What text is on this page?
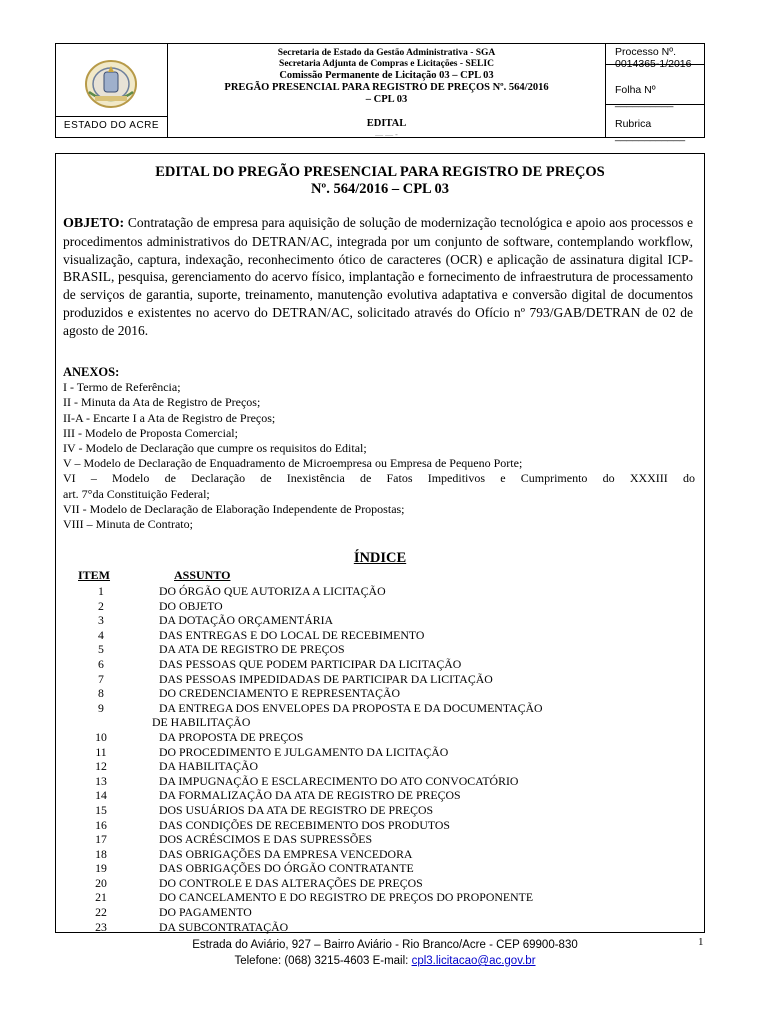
ESTADO DO ACRE
Secretaria de Estado da Gestão Administrativa - SGA
Secretaria Adjunta de Compras e Licitações - SELIC
Comissão Permanente de Licitação 03 – CPL 03
PREGÃO PRESENCIAL PARA REGISTRO DE PREÇOS Nº. 564/2016
– CPL 03
EDITAL
— — -
Processo Nº. 0014365-1/2016
Folha Nº __________
Rubrica ____________
EDITAL DO PREGÃO PRESENCIAL PARA REGISTRO DE PREÇOS
Nº. 564/2016 – CPL 03
OBJETO: Contratação de empresa para aquisição de solução de modernização tecnológica e apoio aos processos e procedimentos administrativos do DETRAN/AC, integrada por um conjunto de software, contemplando workflow, visualização, captura, indexação, reconhecimento ótico de caracteres (OCR) e aplicação de assinatura digital ICP-BRASIL, pesquisa, gerenciamento do acervo físico, implantação e fornecimento de infraestrutura de processamento de serviços de garantia, suporte, treinamento, manutenção evolutiva adaptativa e conversão digital de documentos produzidos e existentes no acervo do DETRAN/AC, solicitado através do Ofício nº 793/GAB/DETRAN de 02 de agosto de 2016.
ANEXOS:
I - Termo de Referência;
II - Minuta da Ata de Registro de Preços;
II-A - Encarte I a Ata de Registro de Preços;
III - Modelo de Proposta Comercial;
IV - Modelo de Declaração que cumpre os requisitos do Edital;
V – Modelo de Declaração de Enquadramento de Microempresa ou Empresa de Pequeno Porte;
VI – Modelo de Declaração de Inexistência de Fatos Impeditivos e Cumprimento do XXXIII do
art. 7°da Constituição Federal;
VII - Modelo de Declaração de Elaboração Independente de Propostas;
VIII – Minuta de Contrato;
ÍNDICE
ITEM	ASSUNTO
1	DO ÓRGÃO QUE AUTORIZA A LICITAÇÃO
2	DO OBJETO
3	DA DOTAÇÃO ORÇAMENTÁRIA
4	DAS ENTREGAS E DO LOCAL DE RECEBIMENTO
5	DA ATA DE REGISTRO DE PREÇOS
6	DAS PESSOAS QUE PODEM PARTICIPAR DA LICITAÇÃO
7	DAS PESSOAS IMPEDIDADAS DE PARTICIPAR DA LICITAÇÃO
8	DO CREDENCIAMENTO E REPRESENTAÇÃO
9	DA ENTREGA DOS ENVELOPES DA PROPOSTA E DA DOCUMENTAÇÃO
DE HABILITAÇÃO
10	DA PROPOSTA DE PREÇOS
11	DO PROCEDIMENTO E JULGAMENTO DA LICITAÇÃO
12	DA HABILITAÇÃO
13	DA IMPUGNAÇÃO E ESCLARECIMENTO DO ATO CONVOCATÓRIO
14	DA FORMALIZAÇÃO DA ATA DE REGISTRO DE PREÇOS
15	DOS USUÁRIOS DA ATA DE REGISTRO DE PREÇOS
16	DAS CONDIÇÕES DE RECEBIMENTO DOS PRODUTOS
17	DOS ACRÉSCIMOS E DAS SUPRESSÕES
18	DAS OBRIGAÇÕES DA EMPRESA VENCEDORA
19	DAS OBRIGAÇÕES DO ÓRGÃO CONTRATANTE
20	DO CONTROLE E DAS ALTERAÇÕES DE PREÇOS
21	DO CANCELAMENTO E DO REGISTRO DE PREÇOS DO PROPONENTE
22	DO PAGAMENTO
23	DA SUBCONTRATAÇÃO
Estrada do Aviário, 927 – Bairro Aviário - Rio Branco/Acre - CEP 69900-830
Telefone: (068) 3215-4603 E-mail: cpl3.licitacao@ac.gov.br
1
